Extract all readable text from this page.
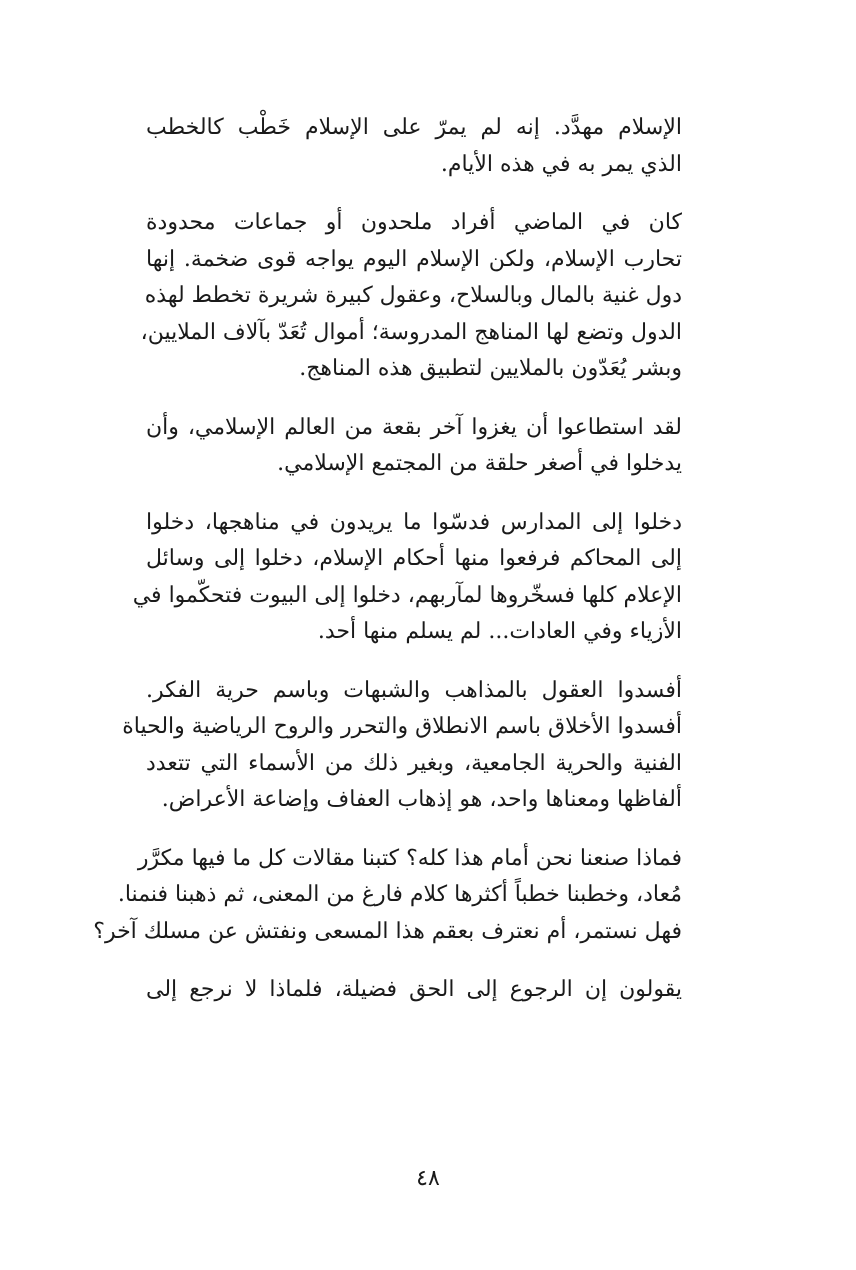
الإسلام مهدَّد. إنه لم يمرّ على الإسلام خَطْب كالخطب
الذي يمر به في هذه الأيام.

كان في الماضي أفراد ملحدون أو جماعات محدودة
تحارب الإسلام، ولكن الإسلام اليوم يواجه قوى ضخمة. إنها
دول غنية بالمال وبالسلاح، وعقول كبيرة شريرة تخطط لهذه
الدول وتضع لها المناهج المدروسة؛ أموال تُعَدّ بآلاف الملايين،
وبشر يُعَدّون بالملايين لتطبيق هذه المناهج.

لقد استطاعوا أن يغزوا آخر بقعة من العالم الإسلامي، وأن
يدخلوا في أصغر حلقة من المجتمع الإسلامي.

دخلوا إلى المدارس فدسّوا ما يريدون في مناهجها، دخلوا
إلى المحاكم فرفعوا منها أحكام الإسلام، دخلوا إلى وسائل
الإعلام كلها فسخّروها لمآربهم، دخلوا إلى البيوت فتحكّموا في
الأزياء وفي العادات... لم يسلم منها أحد.

أفسدوا العقول بالمذاهب والشبهات وباسم حرية الفكر.
أفسدوا الأخلاق باسم الانطلاق والتحرر والروح الرياضية والحياة
الفنية والحرية الجامعية، وبغير ذلك من الأسماء التي تتعدد
ألفاظها ومعناها واحد، هو إذهاب العفاف وإضاعة الأعراض.

فماذا صنعنا نحن أمام هذا كله؟ كتبنا مقالات كل ما فيها مكرَّر
مُعاد، وخطبنا خطباً أكثرها كلام فارغ من المعنى، ثم ذهبنا فنمنا.
فهل نستمر، أم نعترف بعقم هذا المسعى ونفتش عن مسلك آخر؟

يقولون إن الرجوع إلى الحق فضيلة، فلماذا لا نرجع إلى

٤٨
